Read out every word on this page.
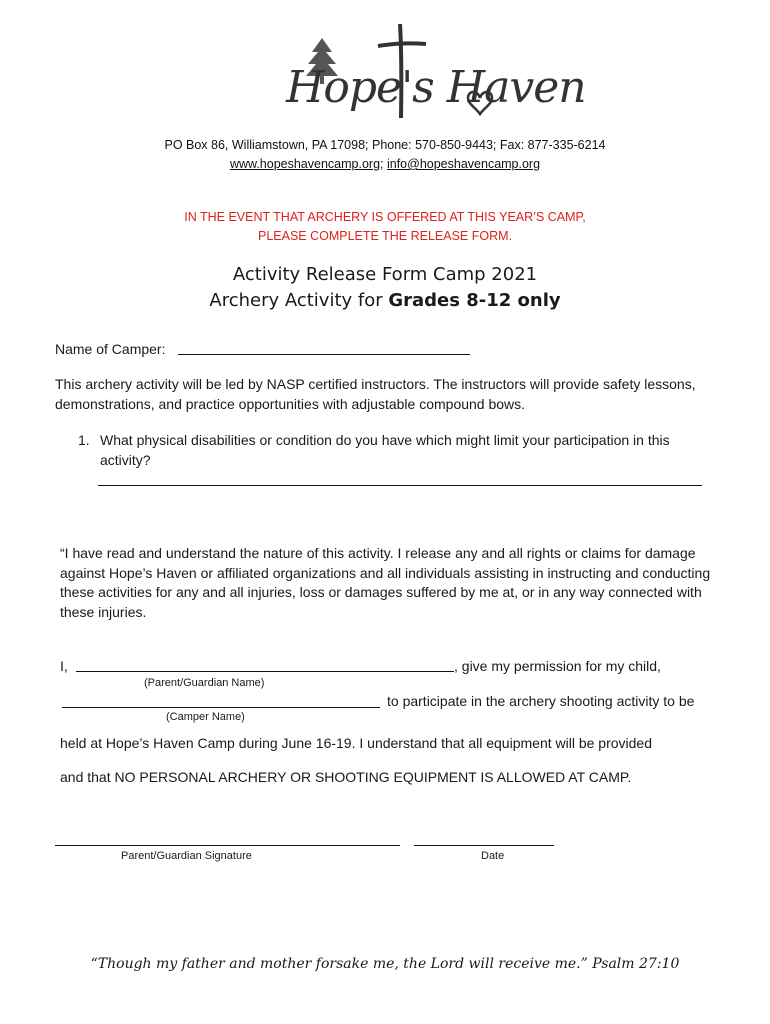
Hope's Haven
PO Box 86, Williamstown, PA 17098; Phone: 570-850-9443; Fax: 877-335-6214
www.hopeshavencamp.org; info@hopeshavencamp.org
IN THE EVENT THAT ARCHERY IS OFFERED AT THIS YEAR’S CAMP,
PLEASE COMPLETE THE RELEASE FORM.
Activity Release Form Camp 2021
Archery Activity for Grades 8-12 only
Name of Camper:
This archery activity will be led by NASP certified instructors. The instructors will provide safety lessons, demonstrations, and practice opportunities with adjustable compound bows.
1. What physical disabilities or condition do you have which might limit your participation in this activity?
“I have read and understand the nature of this activity. I release any and all rights or claims for damage against Hope’s Haven or affiliated organizations and all individuals assisting in instructing and conducting these activities for any and all injuries, loss or damages suffered by me at, or in any way connected with these injuries.
I,	, give my permission for my child,
(Parent/Guardian Name)
to participate in the archery shooting activity to be
(Camper Name)
held at Hope’s Haven Camp during June 16-19. I understand that all equipment will be provided
and that NO PERSONAL ARCHERY OR SHOOTING EQUIPMENT IS ALLOWED AT CAMP.
Parent/Guardian Signature	Date
“Though my father and mother forsake me, the Lord will receive me.” Psalm 27:10
